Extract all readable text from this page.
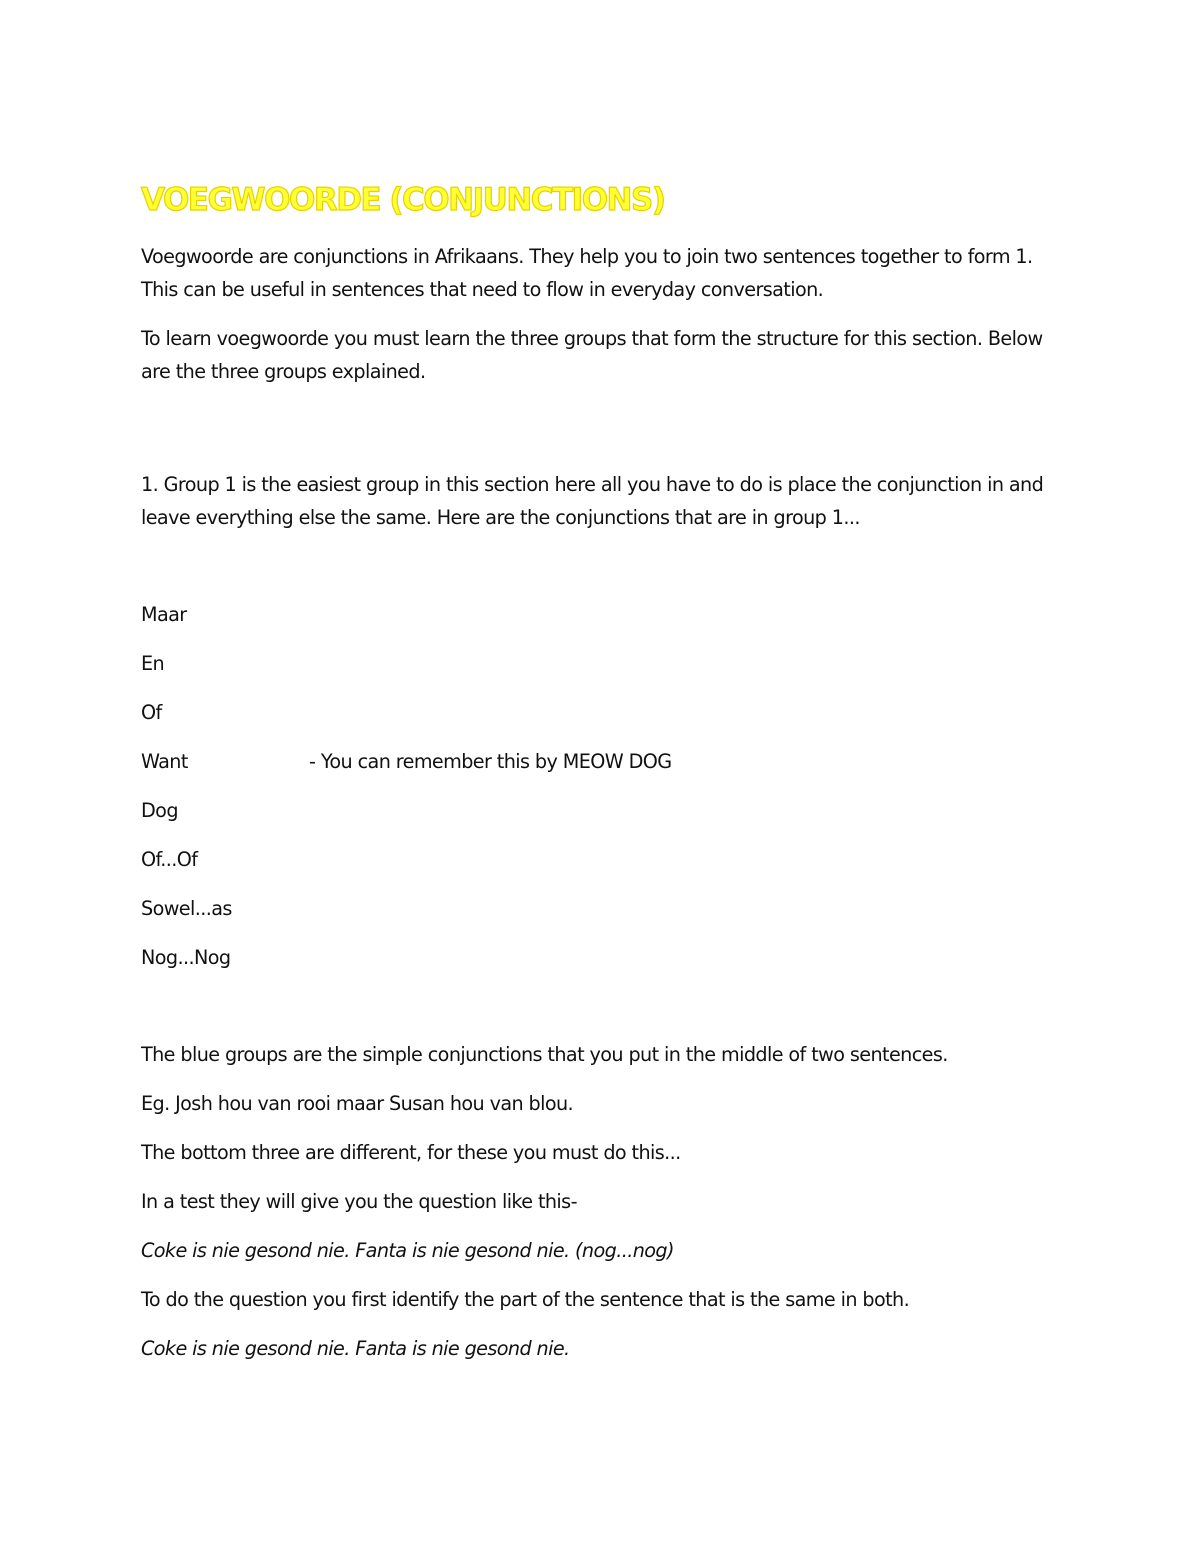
VOEGWOORDE (CONJUNCTIONS)

Voegwoorde are conjunctions in Afrikaans. They help you to join two sentences together to form 1. This can be useful in sentences that need to flow in everyday conversation.

To learn voegwoorde you must learn the three groups that form the structure for this section. Below are the three groups explained.

1. Group 1 is the easiest group in this section here all you have to do is place the conjunction in and leave everything else the same. Here are the conjunctions that are in group 1...

Maar
En
Of
Want	- You can remember this by MEOW DOG
Dog
Of...Of
Sowel...as
Nog...Nog

The blue groups are the simple conjunctions that you put in the middle of two sentences.

Eg. Josh hou van rooi maar Susan hou van blou.

The bottom three are different, for these you must do this...

In a test they will give you the question like this-

Coke is nie gesond nie. Fanta is nie gesond nie. (nog...nog)

To do the question you first identify the part of the sentence that is the same in both.

Coke is nie gesond nie. Fanta is nie gesond nie.
